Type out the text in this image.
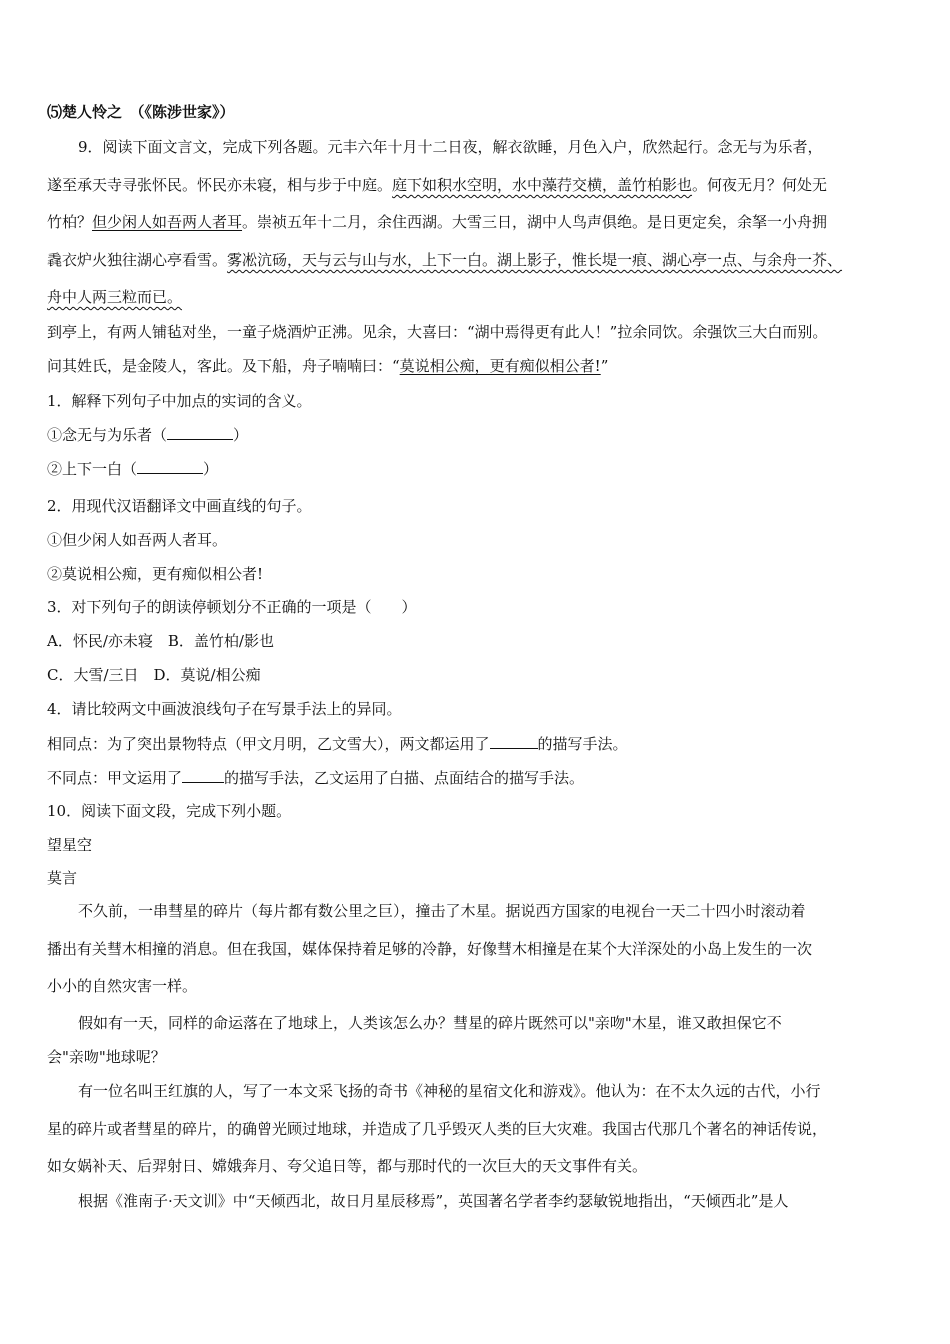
⑸楚人怜之　（《陈涉世家》）
9．阅读下面文言文，完成下列各题。元丰六年十月十二日夜，解衣欲睡，月色入户，欣然起行。念无与为乐者，
遂至承天寺寻张怀民。怀民亦未寝，相与步于中庭。庭下如积水空明，水中藻荇交横，盖竹柏影也。何夜无月？何处无
竹柏？但少闲人如吾两人者耳。崇祯五年十二月，余住西湖。大雪三日，湖中人鸟声俱绝。是日更定矣，余拏一小舟拥
毳衣炉火独往湖心亭看雪。雾凇沆砀，天与云与山与水，上下一白。湖上影子，惟长堤一痕、湖心亭一点、与余舟一芥、
舟中人两三粒而已。
到亭上，有两人铺毡对坐，一童子烧酒炉正沸。见余，大喜曰：“湖中焉得更有此人！”拉余同饮。余强饮三大白而别。
问其姓氏，是金陵人，客此。及下船，舟子喃喃曰：“莫说相公痴，更有痴似相公者!”
1．解释下列句子中加点的实词的含义。
①念无与为乐者（	）
②上下一白（	）
2．用现代汉语翻译文中画直线的句子。
①但少闲人如吾两人者耳。
②莫说相公痴，更有痴似相公者!
3．对下列句子的朗读停顿划分不正确的一项是（　　）
A．怀民/亦未寝　B．盖竹柏/影也
C．大雪/三日　D．莫说/相公痴
4．请比较两文中画波浪线句子在写景手法上的异同。
相同点：为了突出景物特点（甲文月明，乙文雪大），两文都运用了	的描写手法。
不同点：甲文运用了	的描写手法，乙文运用了白描、点面结合的描写手法。
10．阅读下面文段，完成下列小题。
望星空
莫言
不久前，一串彗星的碎片（每片都有数公里之巨），撞击了木星。据说西方国家的电视台一天二十四小时滚动着
播出有关彗木相撞的消息。但在我国，媒体保持着足够的冷静，好像彗木相撞是在某个大洋深处的小岛上发生的一次
小小的自然灾害一样。
假如有一天，同样的命运落在了地球上，人类该怎么办？彗星的碎片既然可以"亲吻"木星，谁又敢担保它不
会"亲吻"地球呢？
有一位名叫王红旗的人，写了一本文采飞扬的奇书《神秘的星宿文化和游戏》。他认为：在不太久远的古代，小行
星的碎片或者彗星的碎片，的确曾光顾过地球，并造成了几乎毁灭人类的巨大灾难。我国古代那几个著名的神话传说，
如女娲补天、后羿射日、嫦娥奔月、夸父追日等，都与那时代的一次巨大的天文事件有关。
根据《淮南子·天文训》中“天倾西北，故日月星辰移焉”，英国著名学者李约瑟敏锐地指出，“天倾西北”是人
